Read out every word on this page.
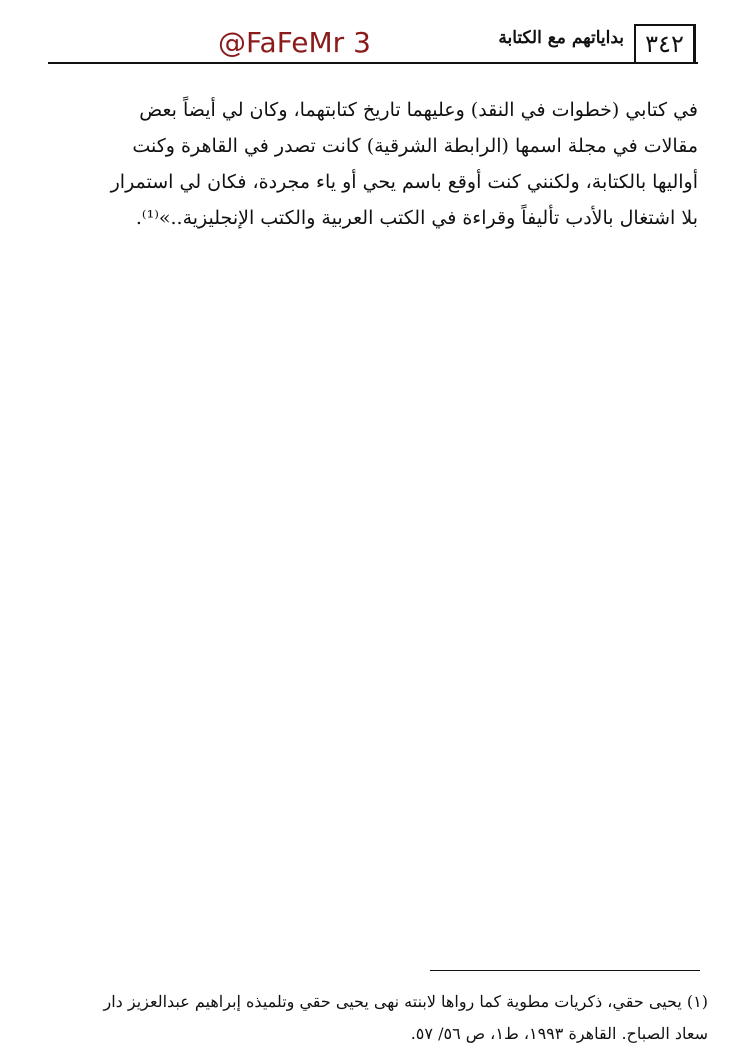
٣٤٢
بداياتهم مع الكتابة
@FaFeMr 3
في كتابي (خطوات في النقد) وعليهما تاريخ كتابتهما، وكان لي أيضاً بعض
مقالات في مجلة اسمها (الرابطة الشرقية) كانت تصدر في القاهرة وكنت
أواليها بالكتابة، ولكنني كنت أوقع باسم يحي أو ياء مجردة، فكان لي استمرار
بلا اشتغال بالأدب تأليفاً وقراءة في الكتب العربية والكتب الإنجليزية..»⁽¹⁾.
(١) يحيى حقي، ذكريات مطوية كما رواها لابنته نهى يحيى حقي وتلميذه إبراهيم عبدالعزيز دار
سعاد الصباح. القاهرة ١٩٩٣، ط١، ص ٥٦/ ٥٧.
